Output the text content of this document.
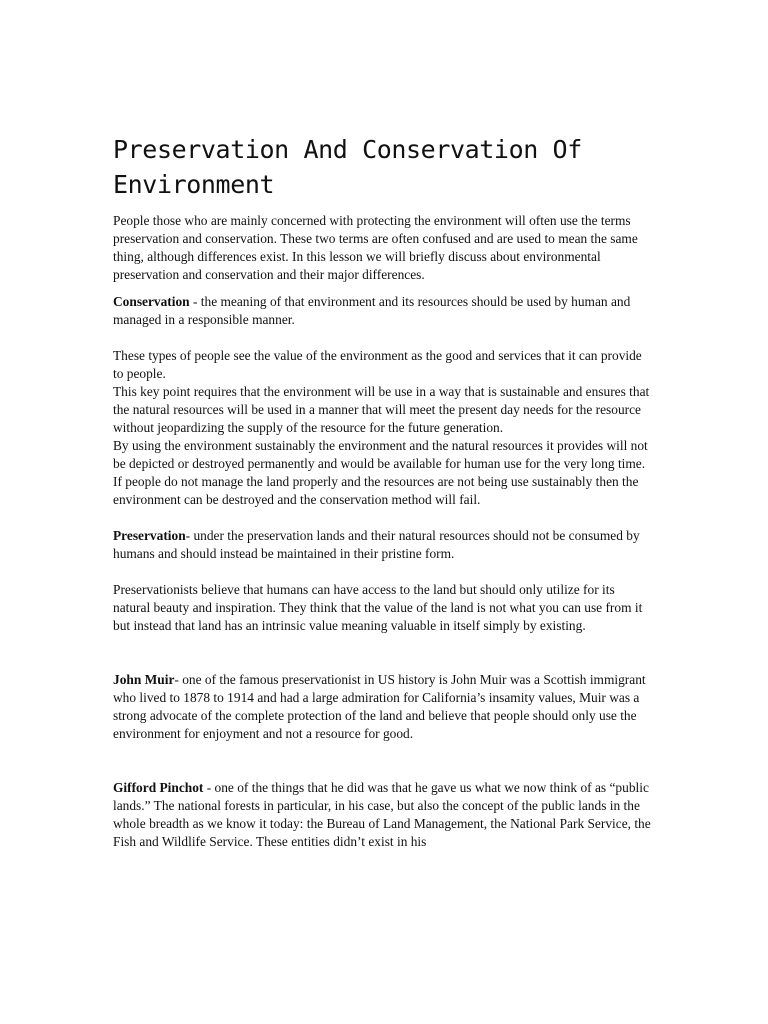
Preservation And Conservation Of Environment

People those who are mainly concerned with protecting the environment will often use the terms preservation and conservation. These two terms are often confused and are used to mean the same thing, although differences exist. In this lesson we will briefly discuss about environmental preservation and conservation and their major differences.

Conservation - the meaning of that environment and its resources should be used by human and managed in a responsible manner.

These types of people see the value of the environment as the good and services that it can provide to people.

This key point requires that the environment will be use in a way that is sustainable and ensures that the natural resources will be used in a manner that will meet the present day needs for the resource without jeopardizing the supply of the resource for the future generation.

By using the environment sustainably the environment and the natural resources it provides will not be depicted or destroyed permanently and would be available for human use for the very long time. If people do not manage the land properly and the resources are not being use sustainably then the environment can be destroyed and the conservation method will fail.

Preservation- under the preservation lands and their natural resources should not be consumed by humans and should instead be maintained in their pristine form.

Preservationists believe that humans can have access to the land but should only utilize for its natural beauty and inspiration. They think that the value of the land is not what you can use from it but instead that land has an intrinsic value meaning valuable in itself simply by existing.

John Muir- one of the famous preservationist in US history is John Muir was a Scottish immigrant who lived to 1878 to 1914 and had a large admiration for California’s insamity values, Muir was a strong advocate of the complete protection of the land and believe that people should only use the environment for enjoyment and not a resource for good.

Gifford Pinchot - one of the things that he did was that he gave us what we now think of as “public lands.” The national forests in particular, in his case, but also the concept of the public lands in the whole breadth as we know it today: the Bureau of Land Management, the National Park Service, the Fish and Wildlife Service. These entities didn’t exist in his
